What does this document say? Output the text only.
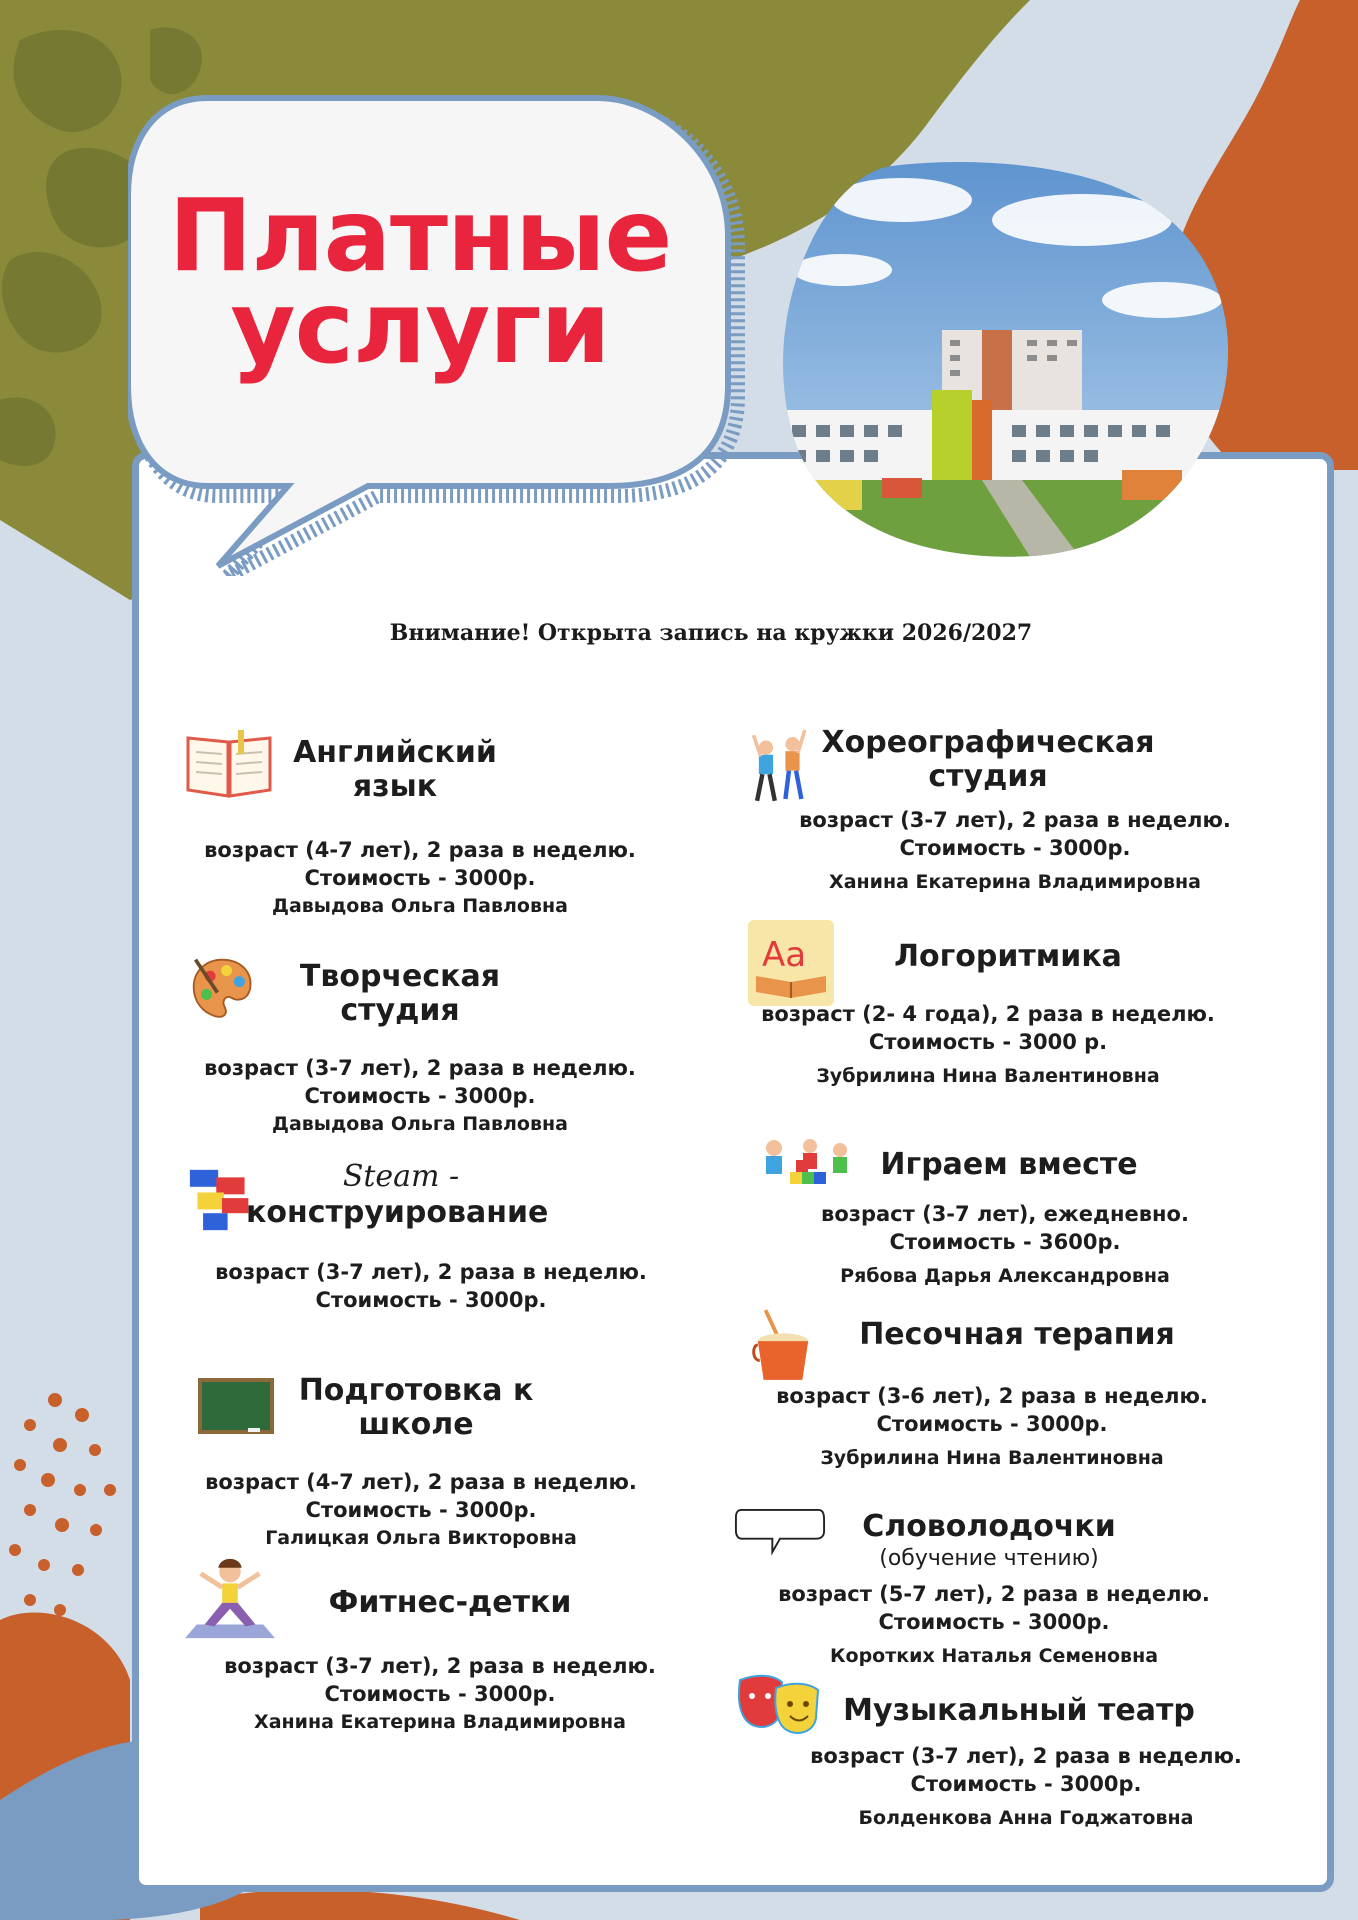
Платные
услуги
Внимание! Открыта запись на кружки 2026/2027
Английский
язык
возраст (4-7 лет), 2 раза в неделю.
Стоимость - 3000р.
Давыдова Ольга Павловна
Творческая
студия
возраст (3-7 лет), 2 раза в неделю.
Стоимость - 3000р.
Давыдова Ольга Павловна
Steam -
конструирование
возраст (3-7 лет), 2 раза в неделю.
Стоимость - 3000р.
Подготовка к
школе
возраст (4-7 лет), 2 раза в неделю.
Стоимость - 3000р.
Галицкая Ольга Викторовна
Фитнес-детки
возраст (3-7 лет), 2 раза в неделю.
Стоимость - 3000р.
Ханина Екатерина Владимировна
Хореографическая
студия
возраст (3-7 лет), 2 раза в неделю.
Стоимость - 3000р.
Ханина Екатерина Владимировна
Aa	Логоритмика
возраст (2- 4 года), 2 раза в неделю.
Стоимость - 3000 р.
Зубрилина Нина Валентиновна
Играем вместе
возраст (3-7 лет), ежедневно.
Стоимость - 3600р.
Рябова Дарья Александровна
Песочная терапия
возраст (3-6 лет), 2 раза в неделю.
Стоимость - 3000р.
Зубрилина Нина Валентиновна
Словолодочки
(обучение чтению)
возраст (5-7 лет), 2 раза в неделю.
Стоимость - 3000р.
Коротких Наталья Семеновна
Музыкальный театр
возраст (3-7 лет), 2 раза в неделю.
Стоимость - 3000р.
Болденкова Анна Годжатовна
